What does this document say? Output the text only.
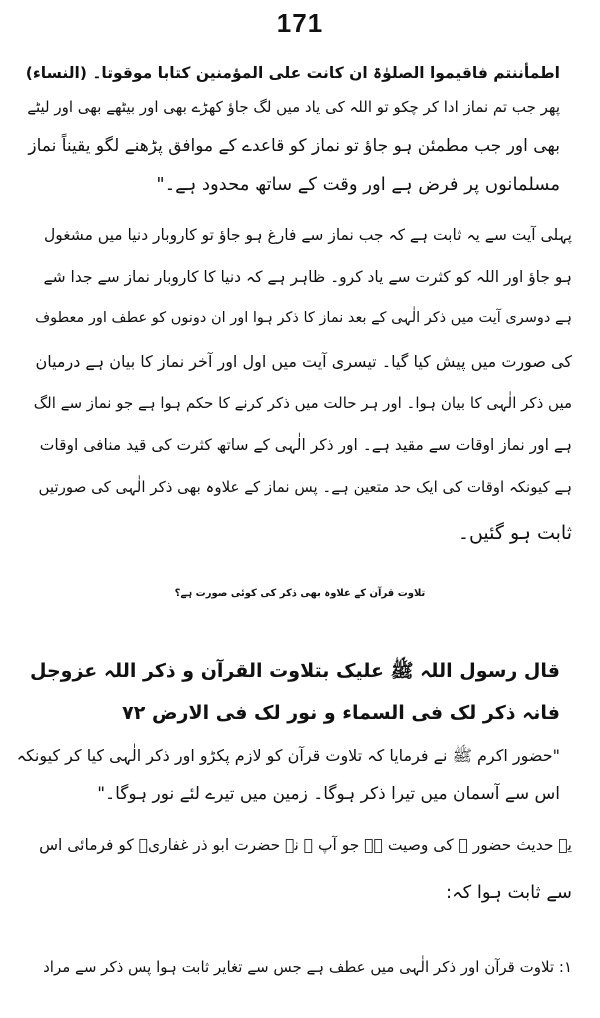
171

اطمأننتم فاقیموا الصلوٰۃ ان کانت علی المؤمنین کتابا موقوتا۔ (النساء)

پھر جب تم نماز ادا کر چکو تو اللہ کی یاد میں لگ جاؤ کھڑے بھی اور بیٹھے بھی اور لیٹے

بھی اور جب مطمئن ہو جاؤ تو نماز کو قاعدے کے موافق پڑھنے لگو یقیناً نماز

مسلمانوں پر فرض ہے اور وقت کے ساتھ محدود ہے۔"

پہلی آیت سے یہ ثابت ہے کہ جب نماز سے فارغ ہو جاؤ تو کاروبار دنیا میں مشغول

ہو جاؤ اور اللہ کو کثرت سے یاد کرو۔ ظاہر ہے کہ دنیا کا کاروبار نماز سے جدا شے

ہے دوسری آیت میں ذکر الٰہی کے بعد نماز کا ذکر ہوا اور ان دونوں کو عطف اور معطوف

کی صورت میں پیش کیا گیا۔ تیسری آیت میں اول اور آخر نماز کا بیان ہے درمیان

میں ذکر الٰہی کا بیان ہوا۔ اور ہر حالت میں ذکر کرنے کا حکم ہوا ہے جو نماز سے الگ

ہے اور نماز اوقات سے مقید ہے۔ اور ذکر الٰہی کے ساتھ کثرت کی قید منافی اوقات

ہے کیونکہ اوقات کی ایک حد متعین ہے۔ پس نماز کے علاوہ بھی ذکر الٰہی کی صورتیں

ثابت ہو گئیں۔

تلاوت قرآن کے علاوہ بھی ذکر کی کوئی صورت ہے؟

قال رسول اللہ ﷺ علیک بتلاوت القرآن و ذکر اللہ عزوجل

فانہ ذکر لک فی السماء و نور لک فی الارض ۷۲

"حضور اکرم ﷺ نے فرمایا کہ تلاوت قرآن کو لازم پکڑو اور ذکر الٰہی کیا کر کیونکہ

اس سے آسمان میں تیرا ذکر ہوگا۔ زمین میں تیرے لئے نور ہوگا۔"

یہ حدیث حضور ﷺ کی وصیت ہے جو آپ ﷺ نے حضرت ابو ذر غفاریؓ کو فرمائی اس

سے ثابت ہوا کہ:

۱: تلاوت قرآن اور ذکر الٰہی میں عطف ہے جس سے تغایر ثابت ہوا پس ذکر سے مراد
